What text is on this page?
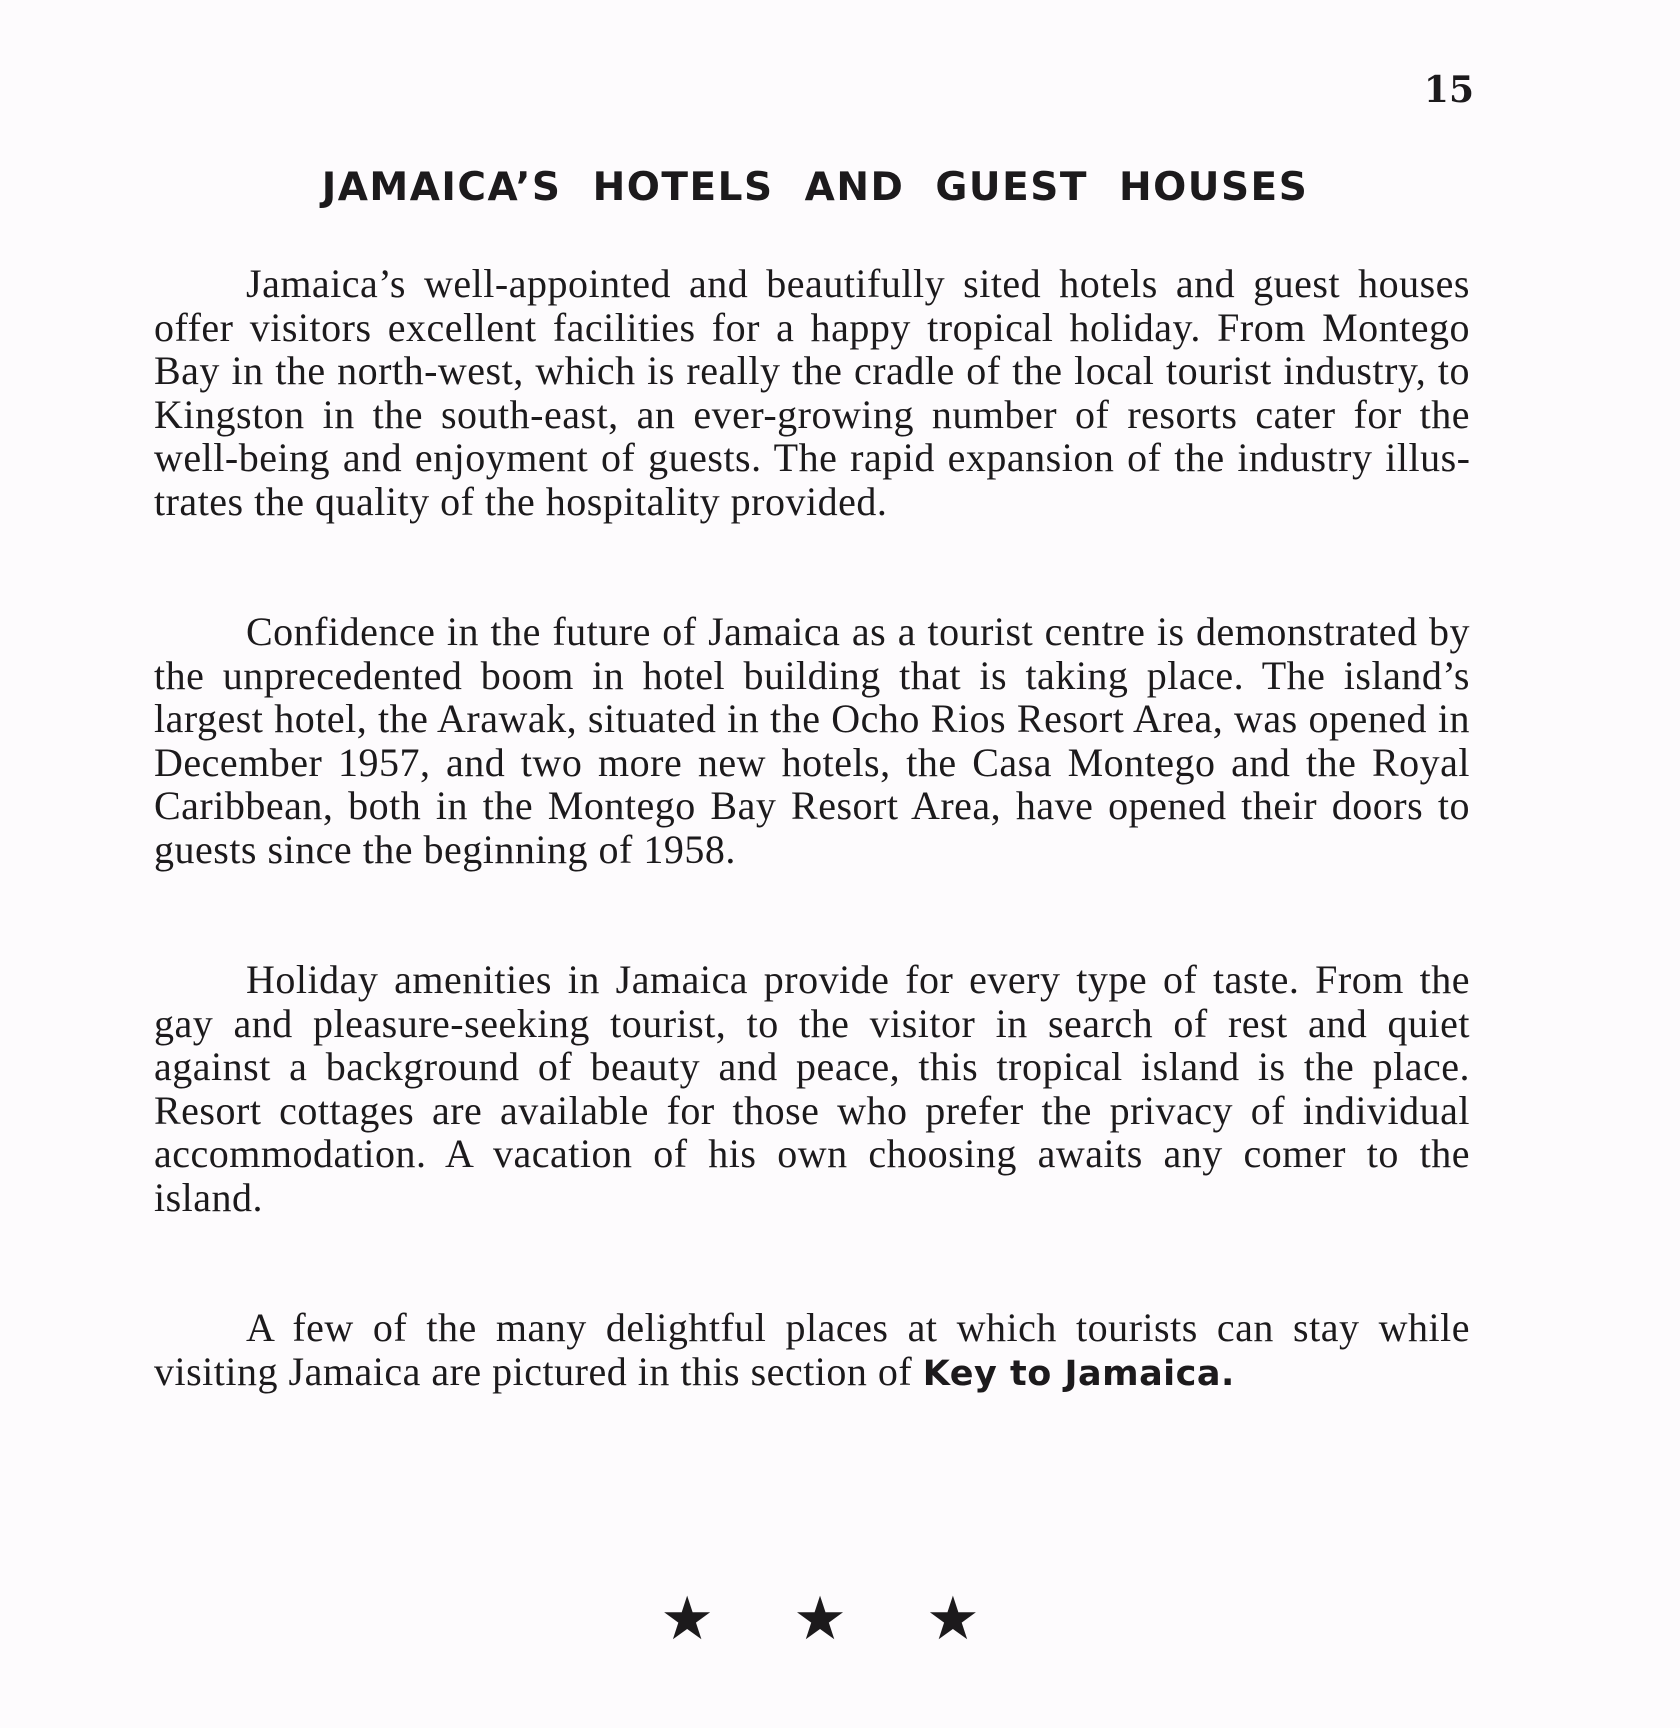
15
JAMAICA’S HOTELS AND GUEST HOUSES

Jamaica’s well-appointed and beautifully sited hotels and guest houses offer visitors excellent facilities for a happy tropical holiday. From Montego Bay in the north-west, which is really the cradle of the local tourist industry, to Kingston in the south-east, an ever-growing number of resorts cater for the well-being and enjoyment of guests. The rapid expansion of the industry illustrates the quality of the hospitality provided.

Confidence in the future of Jamaica as a tourist centre is demonstrated by the unprecedented boom in hotel building that is taking place. The island’s largest hotel, the Arawak, situated in the Ocho Rios Resort Area, was opened in December 1957, and two more new hotels, the Casa Montego and the Royal Caribbean, both in the Montego Bay Resort Area, have opened their doors to guests since the beginning of 1958.

Holiday amenities in Jamaica provide for every type of taste. From the gay and pleasure-seeking tourist, to the visitor in search of rest and quiet against a background of beauty and peace, this tropical island is the place. Resort cottages are available for those who prefer the privacy of individual accommodation. A vacation of his own choosing awaits any comer to the island.

A few of the many delightful places at which tourists can stay while visiting Jamaica are pictured in this section of Key to Jamaica.

★ ★ ★
